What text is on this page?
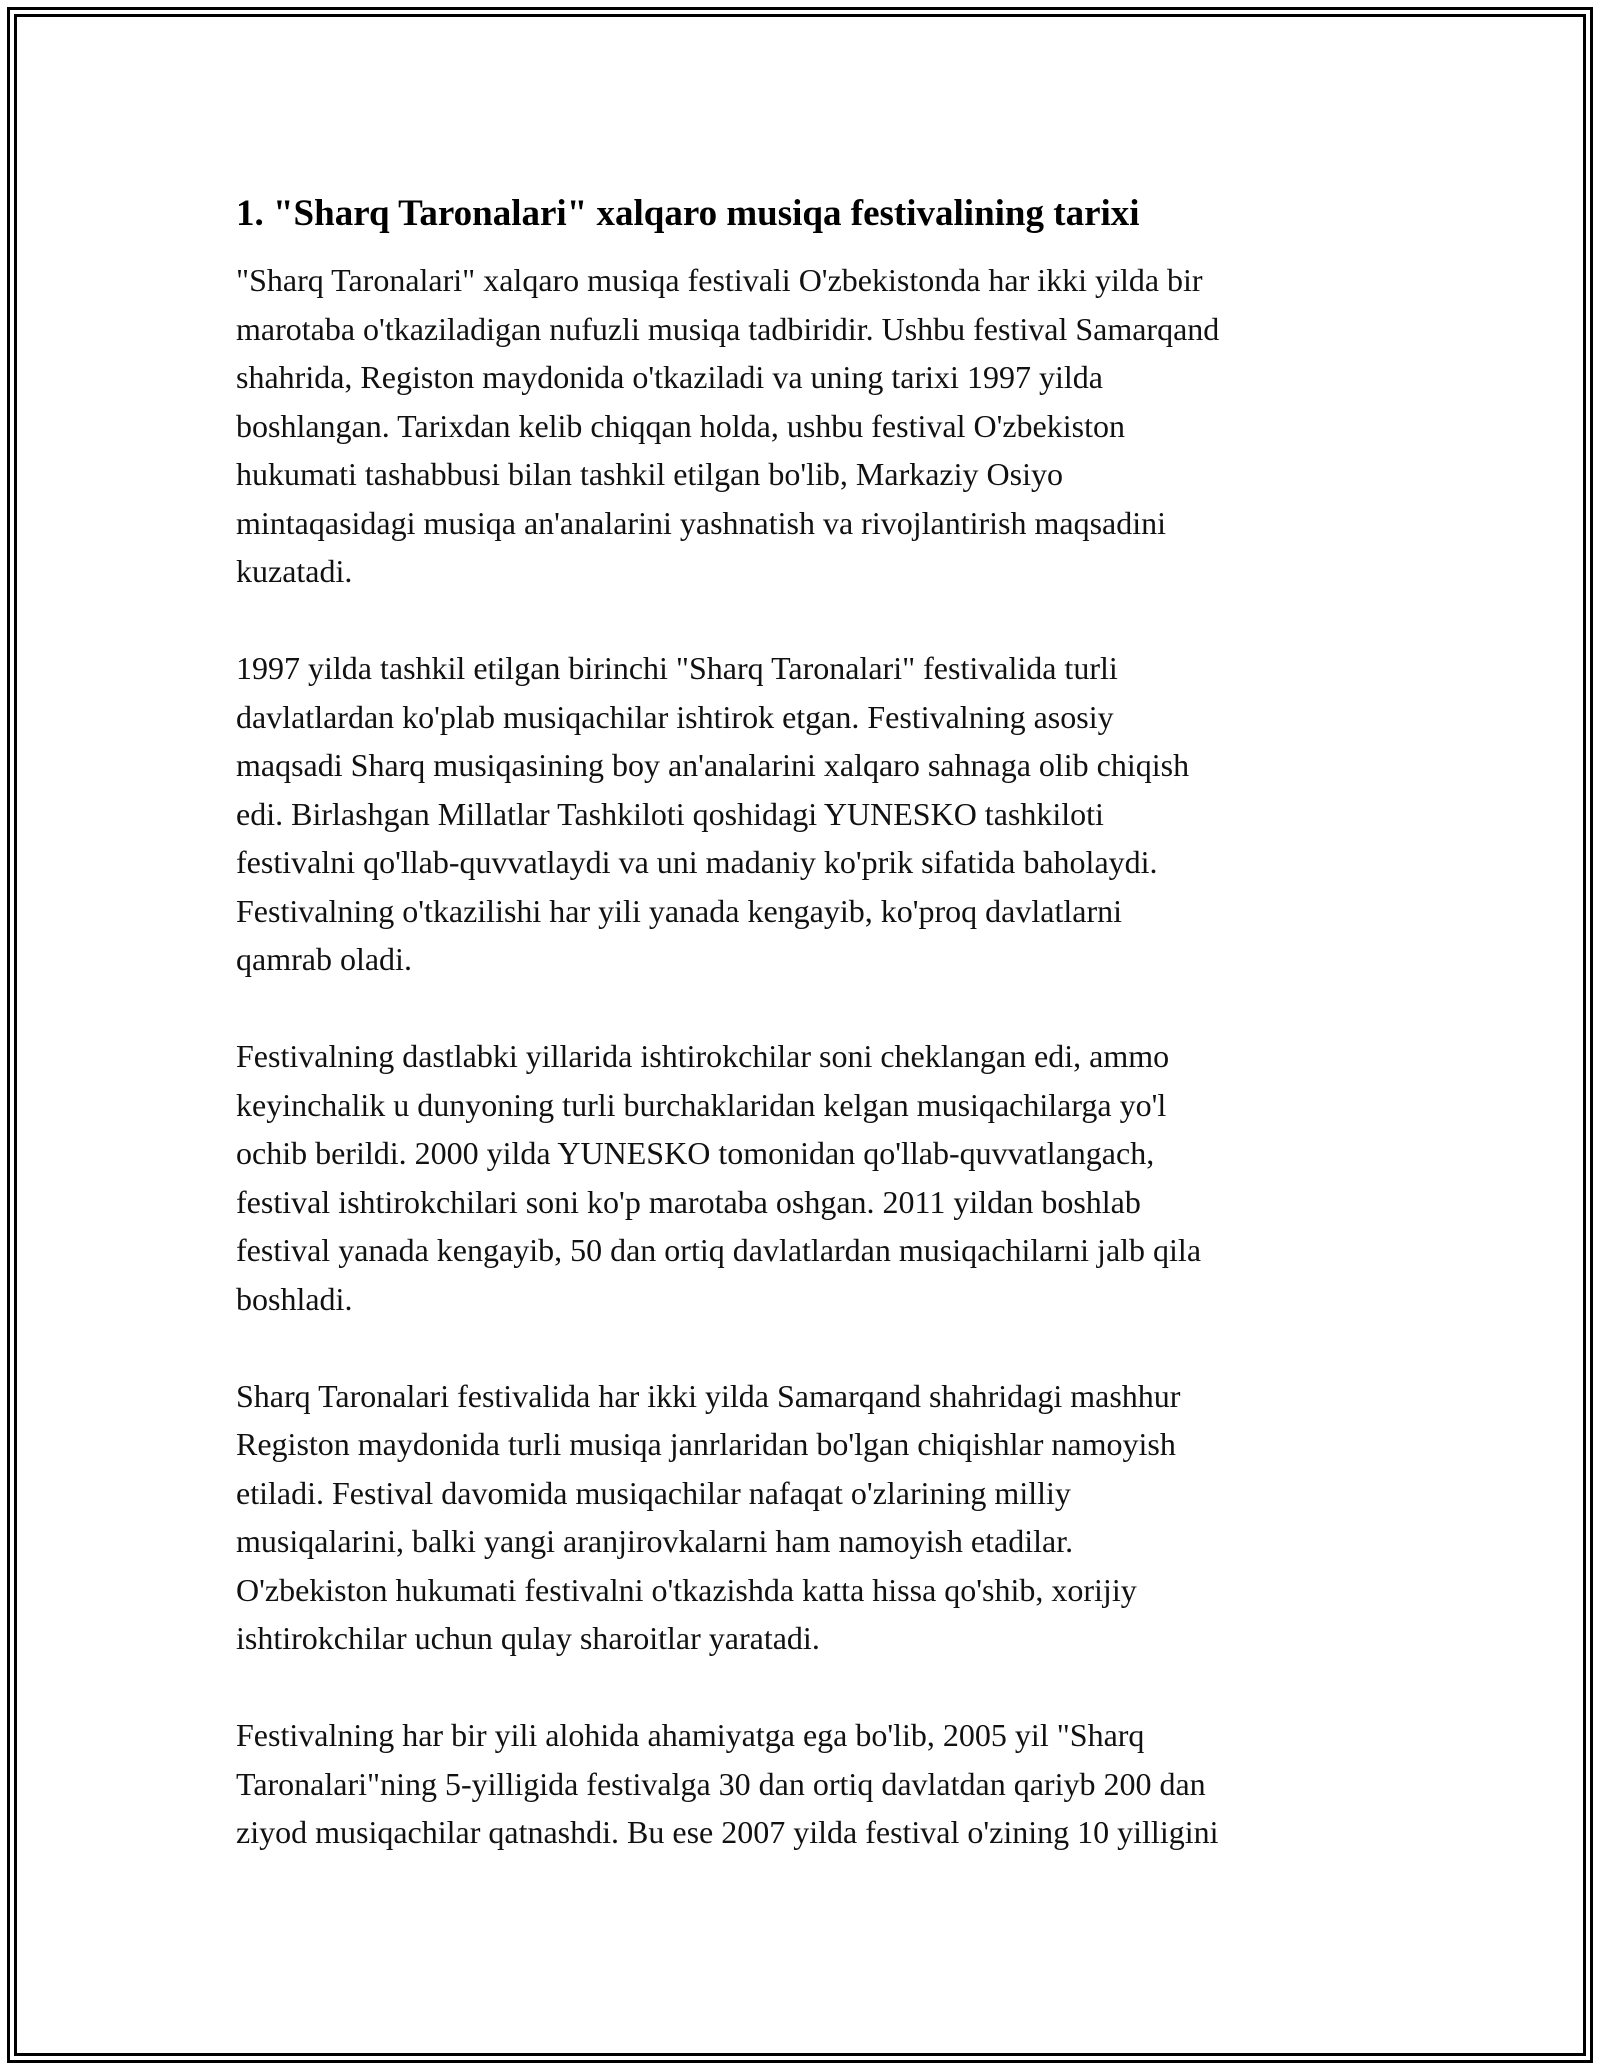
1. "Sharq Taronalari" xalqaro musiqa festivalining tarixi

"Sharq Taronalari" xalqaro musiqa festivali O'zbekistonda har ikki yilda bir
marotaba o'tkaziladigan nufuzli musiqa tadbiridir. Ushbu festival Samarqand
shahrida, Registon maydonida o'tkaziladi va uning tarixi 1997 yilda
boshlangan. Tarixdan kelib chiqqan holda, ushbu festival O'zbekiston
hukumati tashabbusi bilan tashkil etilgan bo'lib, Markaziy Osiyo
mintaqasidagi musiqa an'analarini yashnatish va rivojlantirish maqsadini
kuzatadi.

1997 yilda tashkil etilgan birinchi "Sharq Taronalari" festivalida turli
davlatlardan ko'plab musiqachilar ishtirok etgan. Festivalning asosiy
maqsadi Sharq musiqasining boy an'analarini xalqaro sahnaga olib chiqish
edi. Birlashgan Millatlar Tashkiloti qoshidagi YUNESKO tashkiloti
festivalni qo'llab-quvvatlaydi va uni madaniy ko'prik sifatida baholaydi.
Festivalning o'tkazilishi har yili yanada kengayib, ko'proq davlatlarni
qamrab oladi.

Festivalning dastlabki yillarida ishtirokchilar soni cheklangan edi, ammo
keyinchalik u dunyoning turli burchaklaridan kelgan musiqachilarga yo'l
ochib berildi. 2000 yilda YUNESKO tomonidan qo'llab-quvvatlangach,
festival ishtirokchilari soni ko'p marotaba oshgan. 2011 yildan boshlab
festival yanada kengayib, 50 dan ortiq davlatlardan musiqachilarni jalb qila
boshladi.

Sharq Taronalari festivalida har ikki yilda Samarqand shahridagi mashhur
Registon maydonida turli musiqa janrlaridan bo'lgan chiqishlar namoyish
etiladi. Festival davomida musiqachilar nafaqat o'zlarining milliy
musiqalarini, balki yangi aranjirovkalarni ham namoyish etadilar.
O'zbekiston hukumati festivalni o'tkazishda katta hissa qo'shib, xorijiy
ishtirokchilar uchun qulay sharoitlar yaratadi.

Festivalning har bir yili alohida ahamiyatga ega bo'lib, 2005 yil "Sharq
Taronalari"ning 5-yilligida festivalga 30 dan ortiq davlatdan qariyb 200 dan
ziyod musiqachilar qatnashdi. Bu ese 2007 yilda festival o'zining 10 yilligini
